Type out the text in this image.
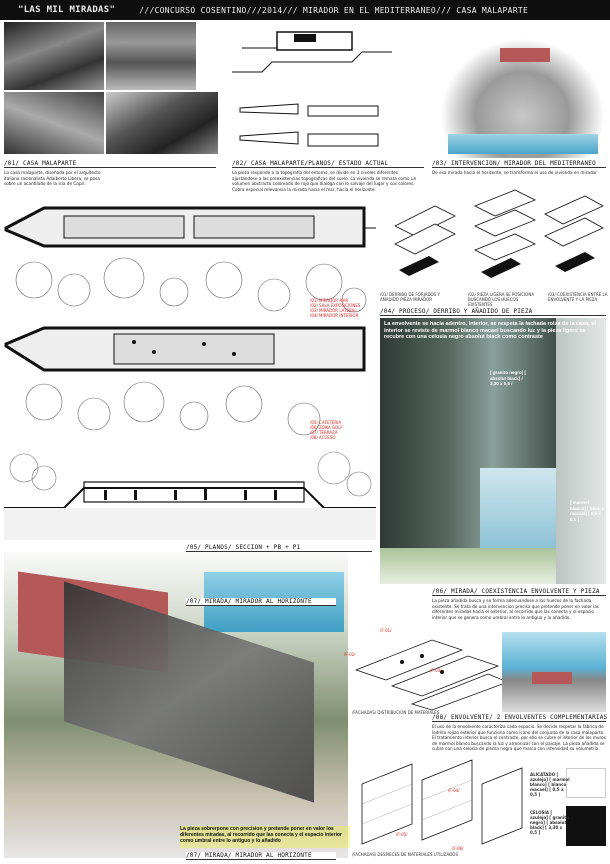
"LAS MIL MIRADAS"	///CONCURSO COSENTINO///2014/// MIRADOR EN EL MEDITERRANEO/// CASA MALAPARTE
/01/ CASA MALAPARTE
La casa malaparte, diseñada por el arquitecto italiano racionalista Adalberto Libera, se posa sobre un acantilado de la isla de Capri.
/02/ CASA MALAPARTE/PLANOS/ ESTADO ACTUAL
La pieza responde a la topografía del entorno, se divide en 3 niveles diferentes ajustandose a las preexistencias topograficas del suelo. La vivienda se remata como un volumen abstracto coloreado de rojo que dialoga con lo salvaje del lugar y sus colores. Cobra especial relevancia la mirada hacia el mar, hacia el horizonte.
/03/ INTERVENCION/ MIRADOR DEL MEDITERRANEO
De esa mirada hacia el horizonte, se transforma el uso de vivienda en mirador
/01/ MIRADOR MAR
/02/ SALA EXPOSICIONES
/03/ MIRADOR LATERAL
/04/ MIRADOR INTERIOR
/01/ DERRIBO DE FORJADOS Y AÑADIDO PIEZA MIRADOR
/02/ PIEZA LIGERA SE POSICIONA BUSCANDO LOS HUECOS EXISTENTES
/03/ COEXISTENCIA ENTRE LA ENVOLVENTE Y LA PIEZA
/04/ PROCESO/ DERRIBO Y AÑADIDO DE PIEZA
La envolvente se hacia adentro, interior, se respeta la fachada roiza de la casa, el interior se reviste de marmol blanco macael buscando luz y la pieza ligero se recubre con una celosia negro absolut black como contraste
[ granito negro] [ absolut black] / 3,30 x 0,5 /
[ marmol blanco] [ blanco macael] [ 0,5 x 0,5 ]
/05/ CAFETERIA
/06/ ZONA GOLF
/07/ TERRAZA
/08/ ACCESO
/05/ PLANOS/ SECCION + PB + P1
/07/ MIRADA/ MIRADOR AL HORIZONTE
La pieza sobrerpone con precision y pretende poner en valor los diferentes miradas, al recorrido que las conecta y el espacio interior como umbral entre lo antiguo y lo añadido
/07/ MIRADA/ MIRADOR AL HORIZONTE
/06/ MIRADA/ COEXISTENCIA ENVOLVENTE Y PIEZA
La pieza añadida busca y se forma adecuandose a los huecos de la fachada existente. Se trata de una intervencion precisa que pretende poner en valor las diferentes miradas hacia el exterior, al recorrido que las conecta y el espacio interior que se genera como umbral entre lo antiguo y lo añadido.
/F-01/
/F-02/
/F-03/
/FACHADAS/ DISTRIBUCION DE MATERIALES
/08/ ENVOLVENTE/ 2 ENVOLVENTES COMPLEMENTARIAS
El uso de la envolvente caracteriza cada espacio. Se decide respetar la fabrica de ladrillo rojizo exterior que funciona como icono del conjunto de la casa malaparte. El tratamiento interior busca el contraste, por ello se cubre el interior de los muros de marmol blanco buscando la luz y armonizar con el paisaje. La pieza añadida se cubre con una celosia de piedra negra que marca con intensidad su volumetria.
/F-04/
/F-05/
/F-06/
ALICATADO [ azulejo] [ marmol blanco] [ blanco macael] [ 0,5 x 0,5 ]
CELOSIA [ azulejo] [ granito negro] [ absolut black] [ 3,30 x 0,5 ]
/FACHADAS/ DESPIECES DE MATERIALES UTILIZADOS
